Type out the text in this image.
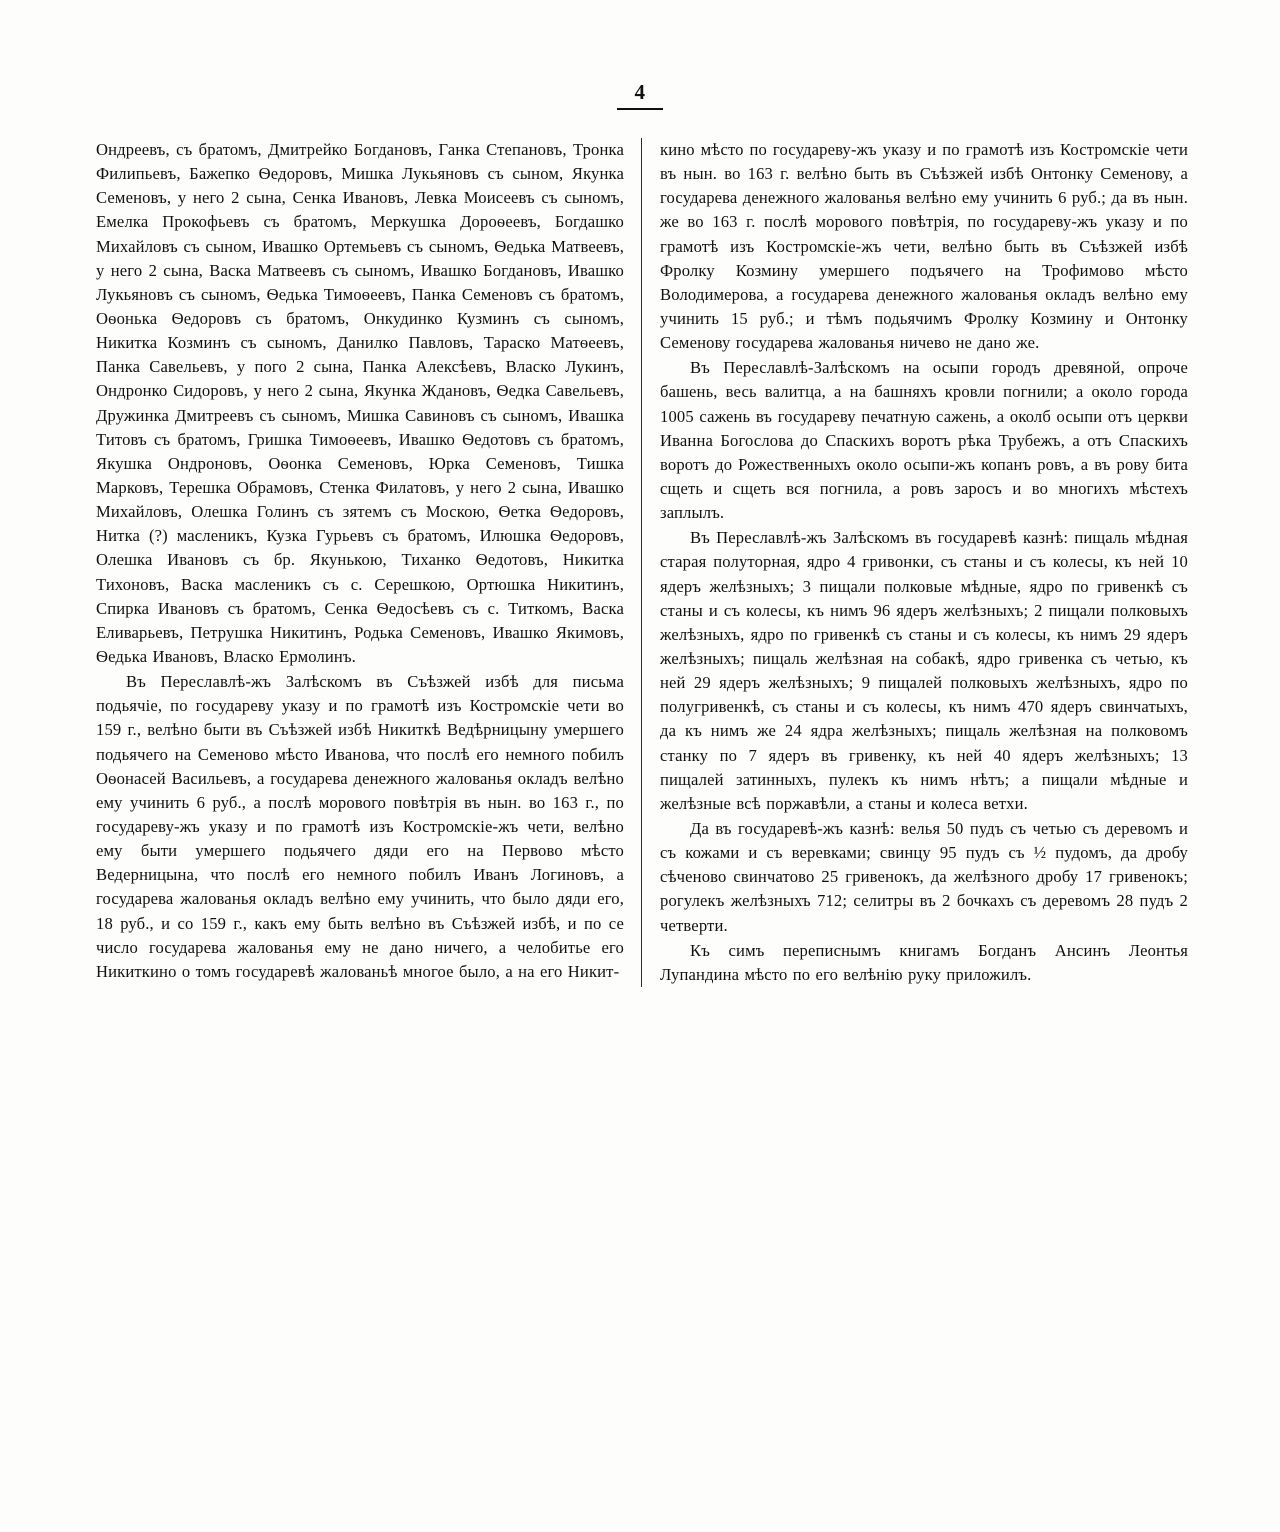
4

Ондреевъ, съ братомъ, Дмитрейко Богдановъ, Ганка Степановъ, Тронка Филипьевъ, Бажепко Ѳедоровъ, Мишка Лукьяновъ съ сыном, Якунка Семеновъ, у него 2 сына, Сенка Ивановъ, Левка Моисеевъ съ сыномъ, Емелка Прокофьевъ съ братомъ, Меркушка Дороѳеевъ, Богдашко Михайловъ съ сыном, Ивашко Ортемьевъ съ сыномъ, Ѳедька Матвеевъ, у него 2 сына, Васка Матвеевъ съ сыномъ, Ивашко Богдановъ, Ивашко Лукьяновъ съ сыномъ, Ѳедька Тимоѳеевъ, Панка Семеновъ съ братомъ, Оѳонька Ѳедоровъ съ братомъ, Онкудинко Кузминъ съ сыномъ, Никитка Козминъ съ сыномъ, Данилко Павловъ, Тараско Матѳеевъ, Панка Савельевъ, у пого 2 сына, Панка Алексѣевъ, Власко Лукинъ, Ондронко Сидоровъ, у него 2 сына, Якунка Ждановъ, Ѳедка Савельевъ, Дружинка Дмитреевъ съ сыномъ, Мишка Савиновъ съ сыномъ, Ивашка Титовъ съ братомъ, Гришка Тимоѳеевъ, Ивашко Ѳедотовъ съ братомъ, Якушка Ондроновъ, Оѳонка Семеновъ, Юрка Семеновъ, Тишка Марковъ, Терешка Обрамовъ, Стенка Филатовъ, у него 2 сына, Ивашко Михайловъ, Олешка Голинъ съ зятемъ съ Москою, Ѳетка Ѳедоровъ, Нитка (?) масленикъ, Кузка Гурьевъ съ братомъ, Илюшка Ѳедоровъ, Олешка Ивановъ съ бр. Якунькою, Тиханко Ѳедотовъ, Никитка Тихоновъ, Васка масленикъ съ с. Серешкою, Ортюшка Никитинъ, Спирка Ивановъ съ братомъ, Сенка Ѳедосѣевъ съ с. Титкомъ, Васка Еливарьевъ, Петрушка Никитинъ, Родька Семеновъ, Ивашко Якимовъ, Ѳедька Ивановъ, Власко Ермолинъ.

Въ Переславлѣ-жъ Залѣскомъ въ Съѣзжей избѣ для письма подьячіе, по государеву указу и по грамотѣ изъ Костромскіе чети во 159 г., велѣно быти въ Съѣзжей избѣ Никиткѣ Ведѣрницыну умершего подьячего на Семеново мѣсто Иванова, что послѣ его немного побилъ Оѳонасей Васильевъ, а государева денежного жалованья окладъ велѣно ему учинить 6 руб., а послѣ морового повѣтрія въ нын. во 163 г., по государеву-жъ указу и по грамотѣ изъ Костромскіе-жъ чети, велѣно ему быти умершего подьячего дяди его на Первово мѣсто Ведерницына, что послѣ его немного побилъ Иванъ Логиновъ, а государева жалованья окладъ велѣно ему учинить, что было дяди его, 18 руб., и со 159 г., какъ ему быть велѣно въ Съѣзжей избѣ, и по се число государева жалованья ему не дано ничего, а челобитье его Никиткино о томъ государевѣ жалованьѣ многое было, а на его Никит-

кино мѣсто по государеву-жъ указу и по грамотѣ изъ Костромскіе чети въ нын. во 163 г. велѣно быть въ Съѣзжей избѣ Онтонку Семенову, а государева денежного жалованья велѣно ему учинить 6 руб.; да въ нын. же во 163 г. послѣ морового повѣтрія, по государеву-жъ указу и по грамотѣ изъ Костромскіе-жъ чети, велѣно быть въ Съѣзжей избѣ Фролку Козмину умершего подъячего на Трофимово мѣсто Володимерова, а государева денежного жалованья окладъ велѣно ему учинить 15 руб.; и тѣмъ подьячимъ Фролку Козмину и Онтонку Семенову государева жалованья ничево не дано же.

Въ Переславлѣ-Залѣскомъ на осыпи городъ древяной, опроче башень, весь валитца, а на башняхъ кровли погнили; а около города 1005 сажень въ государеву печатную сажень, а околб осыпи отъ церкви Иванна Богослова до Спаскихъ воротъ рѣка Трубежъ, а отъ Спаскихъ воротъ до Рожественныхъ около осыпи-жъ копанъ ровъ, а въ рову бита сщеть и сщеть вся погнила, а ровъ заросъ и во многихъ мѣстехъ заплылъ.

Въ Переславлѣ-жъ Залѣскомъ въ государевѣ казнѣ: пищаль мѣдная старая полуторная, ядро 4 гривонки, съ станы и съ колесы, къ ней 10 ядеръ желѣзныхъ; 3 пищали полковые мѣдные, ядро по гривенкѣ съ станы и съ колесы, къ нимъ 96 ядеръ желѣзныхъ; 2 пищали полковыхъ желѣзныхъ, ядро по гривенкѣ съ станы и съ колесы, къ нимъ 29 ядеръ желѣзныхъ; пищаль желѣзная на собакѣ, ядро гривенка съ четью, къ ней 29 ядеръ желѣзныхъ; 9 пищалей полковыхъ желѣзныхъ, ядро по полугривенкѣ, съ станы и съ колесы, къ нимъ 470 ядеръ свинчатыхъ, да къ нимъ же 24 ядра желѣзныхъ; пищаль желѣзная на полковомъ станку по 7 ядеръ въ гривенку, къ ней 40 ядеръ желѣзныхъ; 13 пищалей затинныхъ, пулекъ къ нимъ нѣтъ; а пищали мѣдные и желѣзные всѣ поржавѣли, а станы и колеса ветхи.

Да въ государевѣ-жъ казнѣ: велья 50 пудъ съ четью съ деревомъ и съ кожами и съ веревками; свинцу 95 пудъ съ ½ пудомъ, да дробу сѣченово свинчатово 25 гривенокъ, да желѣзного дробу 17 гривенокъ; рогулекъ желѣзныхъ 712; селитры въ 2 бочкахъ съ деревомъ 28 пудъ 2 четверти.

Къ симъ переписнымъ книгамъ Богданъ Ансинъ Леонтья Лупандина мѣсто по его велѣнію руку приложилъ.
